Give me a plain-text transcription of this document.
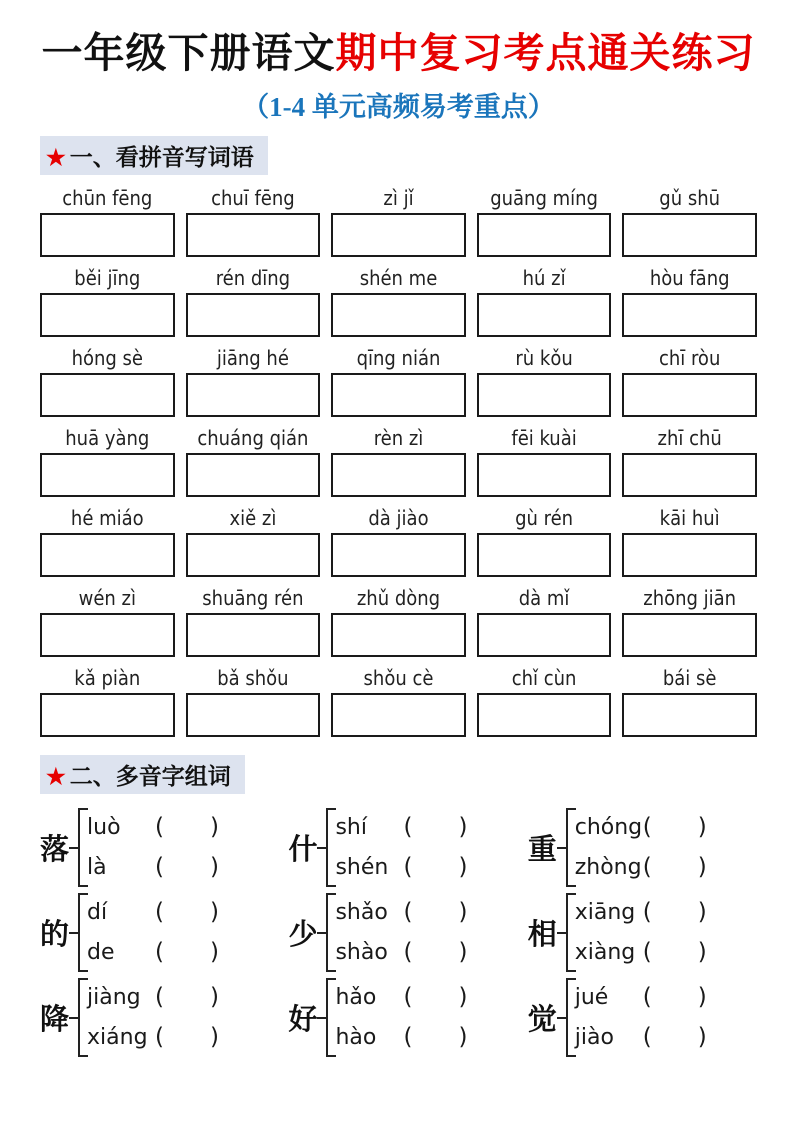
一年级下册语文期中复习考点通关练习
（1-4 单元高频易考重点）
★ 一、看拼音写词语
chūn fēng	chuī fēng	zì jǐ	guāng míng	gǔ shū
běi jīng	rén dīng	shén me	hú zǐ	hòu fāng
hóng sè	jiāng hé	qīng nián	rù kǒu	chī ròu
huā yàng	chuáng qián	rèn zì	fēi kuài	zhī chū
hé miáo	xiě zì	dà jiào	gù rén	kāi huì
wén zì	shuāng rén	zhǔ dòng	dà mǐ	zhōng jiān
kǎ piàn	bǎ shǒu	shǒu cè	chǐ cùn	bái sè
★ 二、多音字组词
落
luò	( )
là	( )
什
shí	( )
shén ( )
重
chóng ( )
zhòng ( )
的
dí	( )
de	( )
少
shǎo ( )
shào ( )
相
xiāng ( )
xiàng ( )
降
jiàng ( )
xiáng ( )
好
hǎo	( )
hào	( )
觉
jué	( )
jiào	( )
